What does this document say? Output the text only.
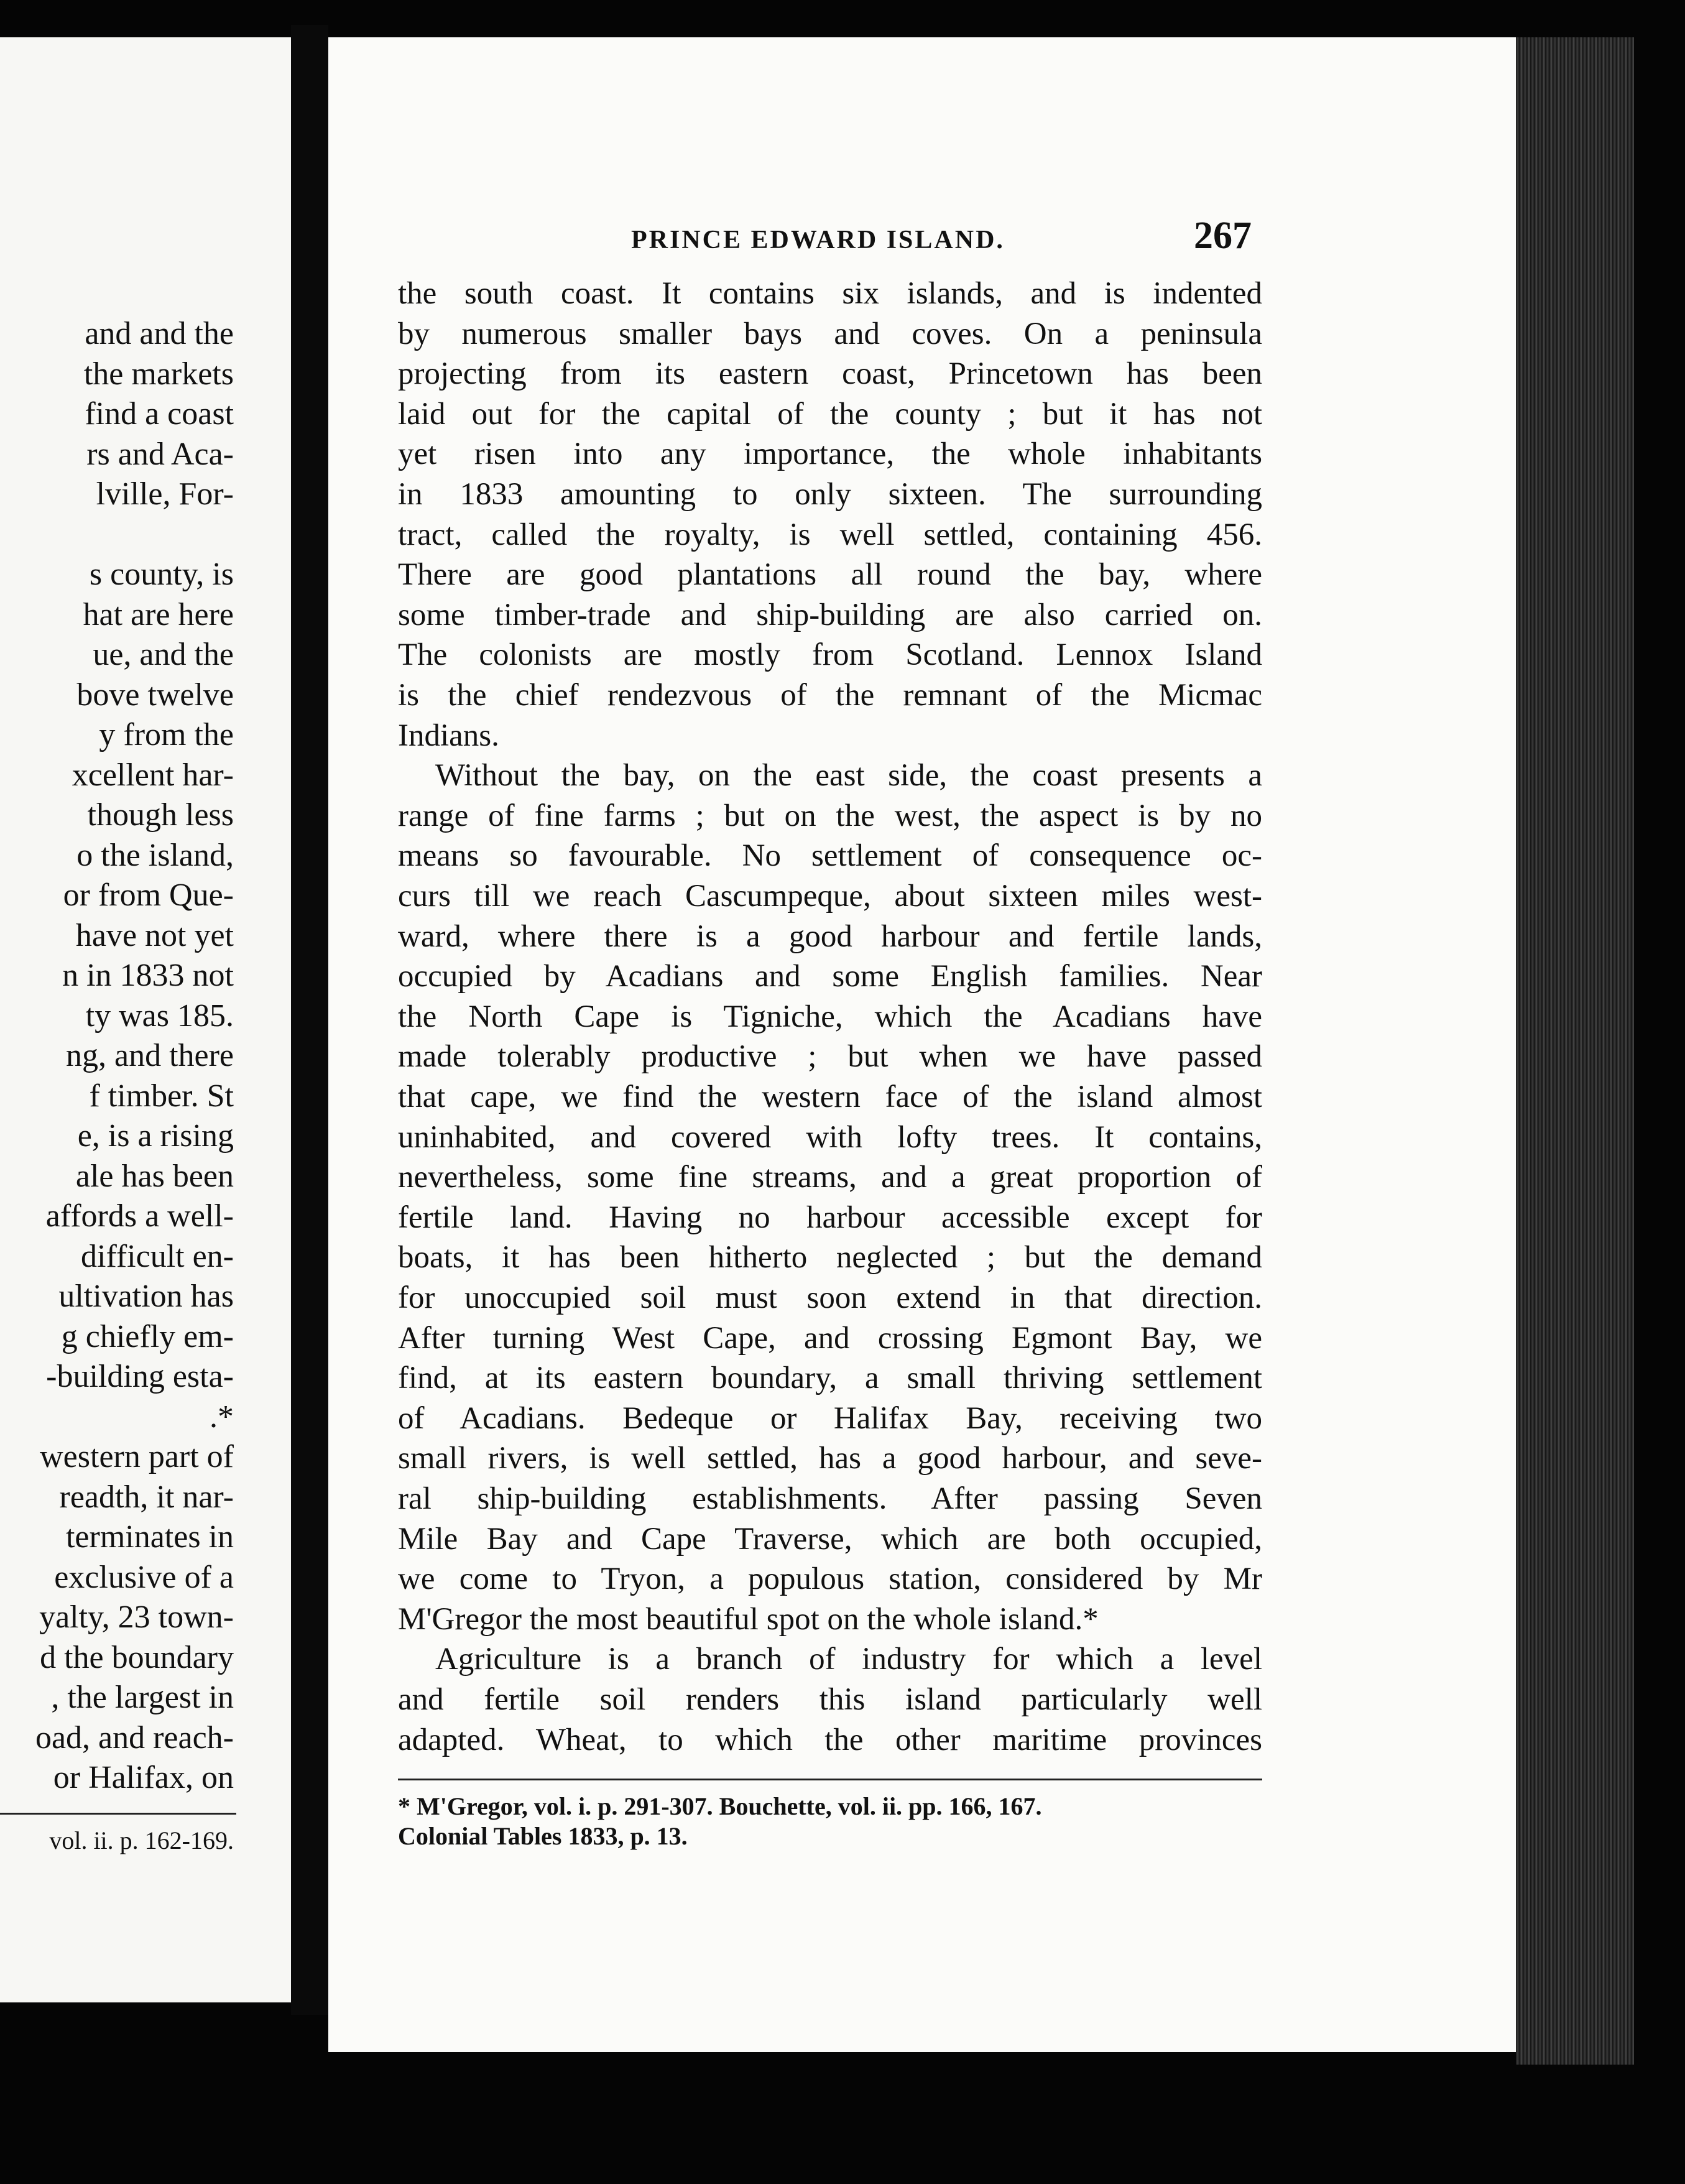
and and the
the markets
find a coast
rs and Aca-
lville, For-
s county, is
hat are here
ue, and the
bove twelve
y from the
xcellent har-
though less
o the island,
or from Que-
have not yet
n in 1833 not
ty was 185.
ng, and there
f timber. St
e, is a rising
ale has been
affords a well-
difficult en-
ultivation has
g chiefly em-
-building esta-
.*
western part of
readth, it nar-
terminates in
exclusive of a
yalty, 23 town-
d the boundary
, the largest in
oad, and reach-
or Halifax, on
vol. ii. p. 162-169.
PRINCE EDWARD ISLAND.	267
the south coast. It contains six islands, and is indented
by numerous smaller bays and coves. On a peninsula
projecting from its eastern coast, Princetown has been
laid out for the capital of the county ; but it has not
yet risen into any importance, the whole inhabitants
in 1833 amounting to only sixteen. The surrounding
tract, called the royalty, is well settled, containing 456.
There are good plantations all round the bay, where
some timber-trade and ship-building are also carried on.
The colonists are mostly from Scotland. Lennox Island
is the chief rendezvous of the remnant of the Micmac
Indians.
Without the bay, on the east side, the coast presents a
range of fine farms ; but on the west, the aspect is by no
means so favourable. No settlement of consequence oc-
curs till we reach Cascumpeque, about sixteen miles west-
ward, where there is a good harbour and fertile lands,
occupied by Acadians and some English families. Near
the North Cape is Tigniche, which the Acadians have
made tolerably productive ; but when we have passed
that cape, we find the western face of the island almost
uninhabited, and covered with lofty trees. It contains,
nevertheless, some fine streams, and a great proportion of
fertile land. Having no harbour accessible except for
boats, it has been hitherto neglected ; but the demand
for unoccupied soil must soon extend in that direction.
After turning West Cape, and crossing Egmont Bay, we
find, at its eastern boundary, a small thriving settlement
of Acadians. Bedeque or Halifax Bay, receiving two
small rivers, is well settled, has a good harbour, and seve-
ral ship-building establishments. After passing Seven
Mile Bay and Cape Traverse, which are both occupied,
we come to Tryon, a populous station, considered by Mr
M'Gregor the most beautiful spot on the whole island.*
Agriculture is a branch of industry for which a level
and fertile soil renders this island particularly well
adapted. Wheat, to which the other maritime provinces
* M'Gregor, vol. i. p. 291-307. Bouchette, vol. ii. pp. 166, 167.
Colonial Tables 1833, p. 13.
